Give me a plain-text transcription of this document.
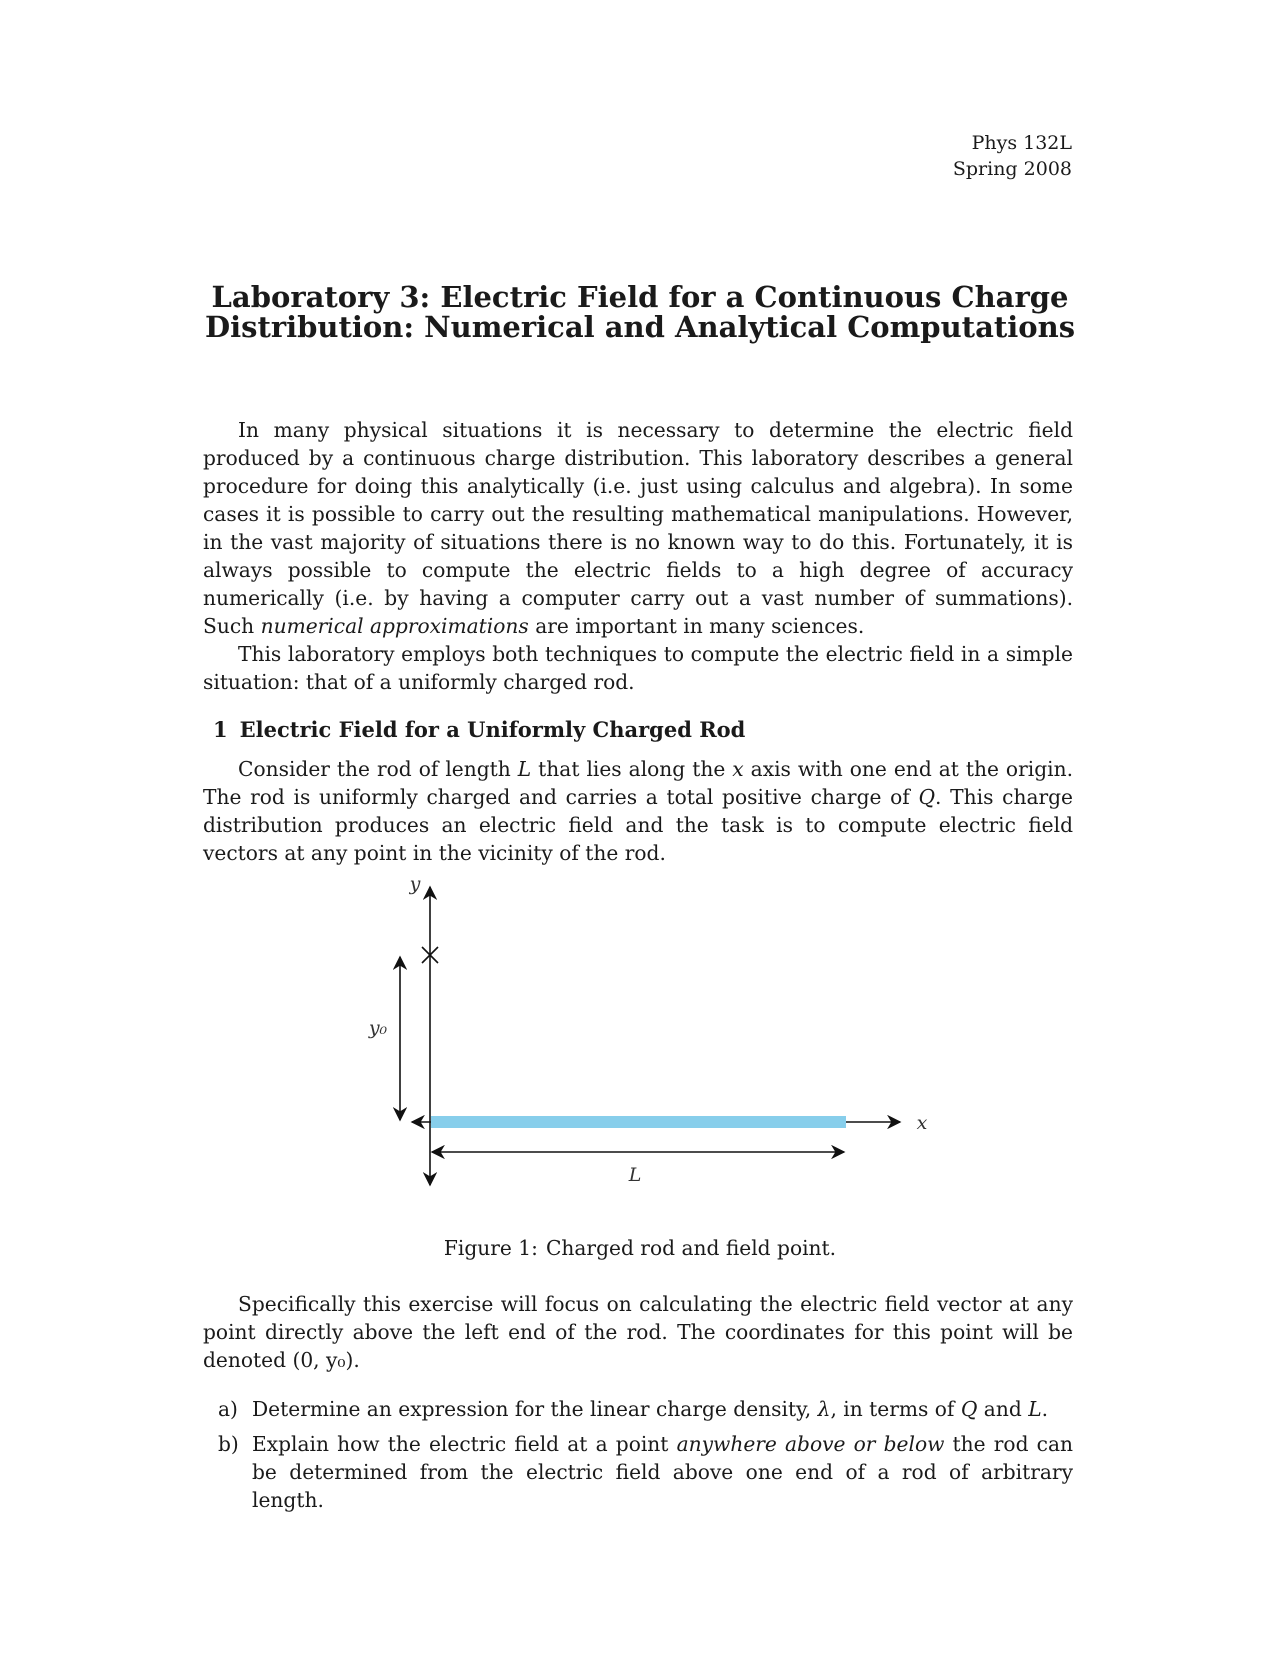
Phys 132L
Spring 2008
Laboratory 3: Electric Field for a Continuous Charge
Distribution: Numerical and Analytical Computations

In many physical situations it is necessary to determine the electric field produced by a continuous charge distribution. This laboratory describes a general procedure for doing this analytically (i.e. just using calculus and algebra). In some cases it is possible to carry out the resulting mathematical manipulations. However, in the vast majority of situations there is no known way to do this. Fortunately, it is always possible to compute the electric fields to a high degree of accuracy numerically (i.e. by having a computer carry out a vast number of summations). Such numerical approximations are important in many sciences.

This laboratory employs both techniques to compute the electric field in a simple situation: that of a uniformly charged rod.

1 Electric Field for a Uniformly Charged Rod

Consider the rod of length L that lies along the x axis with one end at the origin. The rod is uniformly charged and carries a total positive charge of Q. This charge distribution produces an electric field and the task is to compute electric field vectors at any point in the vicinity of the rod.

y
x
y₀
L
Figure 1: Charged rod and field point.

Specifically this exercise will focus on calculating the electric field vector at any point directly above the left end of the rod. The coordinates for this point will be denoted (0, y₀).

a) Determine an expression for the linear charge density, λ, in terms of Q and L.
b) Explain how the electric field at a point anywhere above or below the rod can be determined from the electric field above one end of a rod of arbitrary length.
